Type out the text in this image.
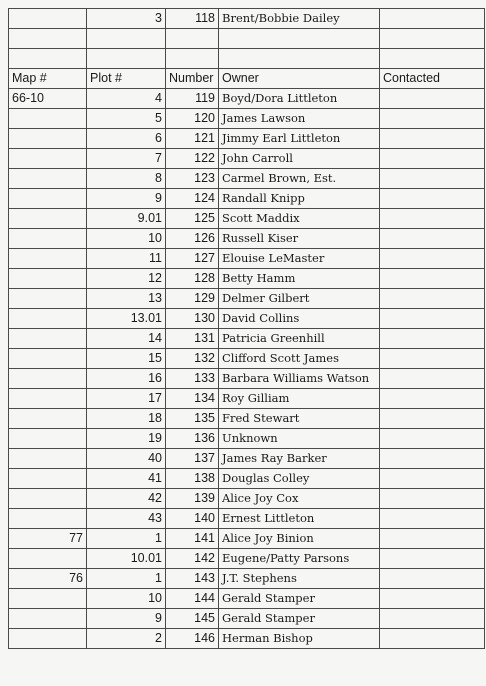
	3	118	Brent/Bobbie Dailey	

Map #	Plot #	Number	Owner	Contacted
66-10	4	119	Boyd/Dora Littleton	
	5	120	James Lawson	
	6	121	Jimmy Earl Littleton	
	7	122	John Carroll	
	8	123	Carmel Brown, Est.	
	9	124	Randall Knipp	
	9.01	125	Scott Maddix	
	10	126	Russell Kiser	
	11	127	Elouise LeMaster	
	12	128	Betty Hamm	
	13	129	Delmer Gilbert	
	13.01	130	David Collins	
	14	131	Patricia Greenhill	
	15	132	Clifford Scott James	
	16	133	Barbara Williams Watson	
	17	134	Roy Gilliam	
	18	135	Fred Stewart	
	19	136	Unknown	
	40	137	James Ray Barker	
	41	138	Douglas Colley	
	42	139	Alice Joy Cox	
	43	140	Ernest Littleton	
77	1	141	Alice Joy Binion	
	10.01	142	Eugene/Patty Parsons	
76	1	143	J.T. Stephens	
	10	144	Gerald Stamper	
	9	145	Gerald Stamper	
	2	146	Herman Bishop	
